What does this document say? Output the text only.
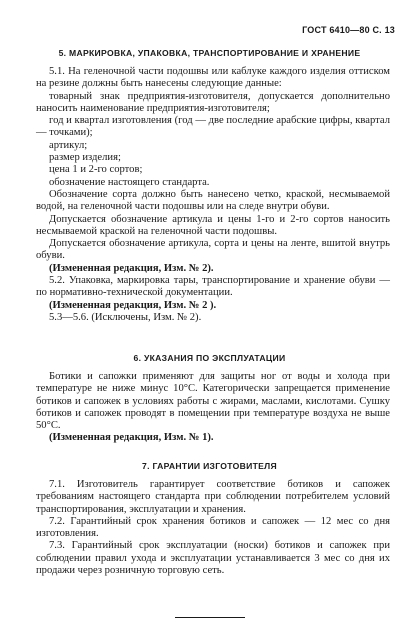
ГОСТ 6410—80 С. 13
5. МАРКИРОВКА, УПАКОВКА, ТРАНСПОРТИРОВАНИЕ И ХРАНЕНИЕ

5.1. На геленочной части подошвы или каблуке каждого изделия оттиском на резине должны быть нанесены следующие данные:

товарный знак предприятия-изготовителя, допускается дополнительно наносить наименование предприятия-изготовителя;

год и квартал изготовления (год — две последние арабские цифры, квартал — точками);

артикул;

размер изделия;

цена 1 и 2-го сортов;

обозначение настоящего стандарта.

Обозначение сорта должно быть нанесено четко, краской, несмываемой водой, на геленочной части подошвы или на следе внутри обуви.

Допускается обозначение артикула и цены 1-го и 2-го сортов наносить несмываемой краской на геленочной части подошвы.

Допускается обозначение артикула, сорта и цены на ленте, вшитой внутрь обуви.

(Измененная редакция, Изм. № 2).

5.2. Упаковка, маркировка тары, транспортирование и хранение обуви — по нормативно-технической документации.

(Измененная редакция, Изм. № 2 ).

5.3—5.6. (Исключены, Изм. № 2).

6. УКАЗАНИЯ ПО ЭКСПЛУАТАЦИИ

Ботики и сапожки применяют для защиты ног от воды и холода при температуре не ниже минус 10°С. Категорически запрещается применение ботиков и сапожек в условиях работы с жирами, маслами, кислотами. Сушку ботиков и сапожек проводят в помещении при температуре воздуха не выше 50°С.

(Измененная редакция, Изм. № 1).

7. ГАРАНТИИ ИЗГОТОВИТЕЛЯ

7.1. Изготовитель гарантирует соответствие ботиков и сапожек требованиям настоящего стандарта при соблюдении потребителем условий транспортирования, эксплуатации и хранения.

7.2. Гарантийный срок хранения ботиков и сапожек — 12 мес со дня изготовления.

7.3. Гарантийный срок эксплуатации (носки) ботиков и сапожек при соблюдении правил ухода и эксплуатации устанавливается 3 мес со дня их продажи через розничную торговую сеть.
